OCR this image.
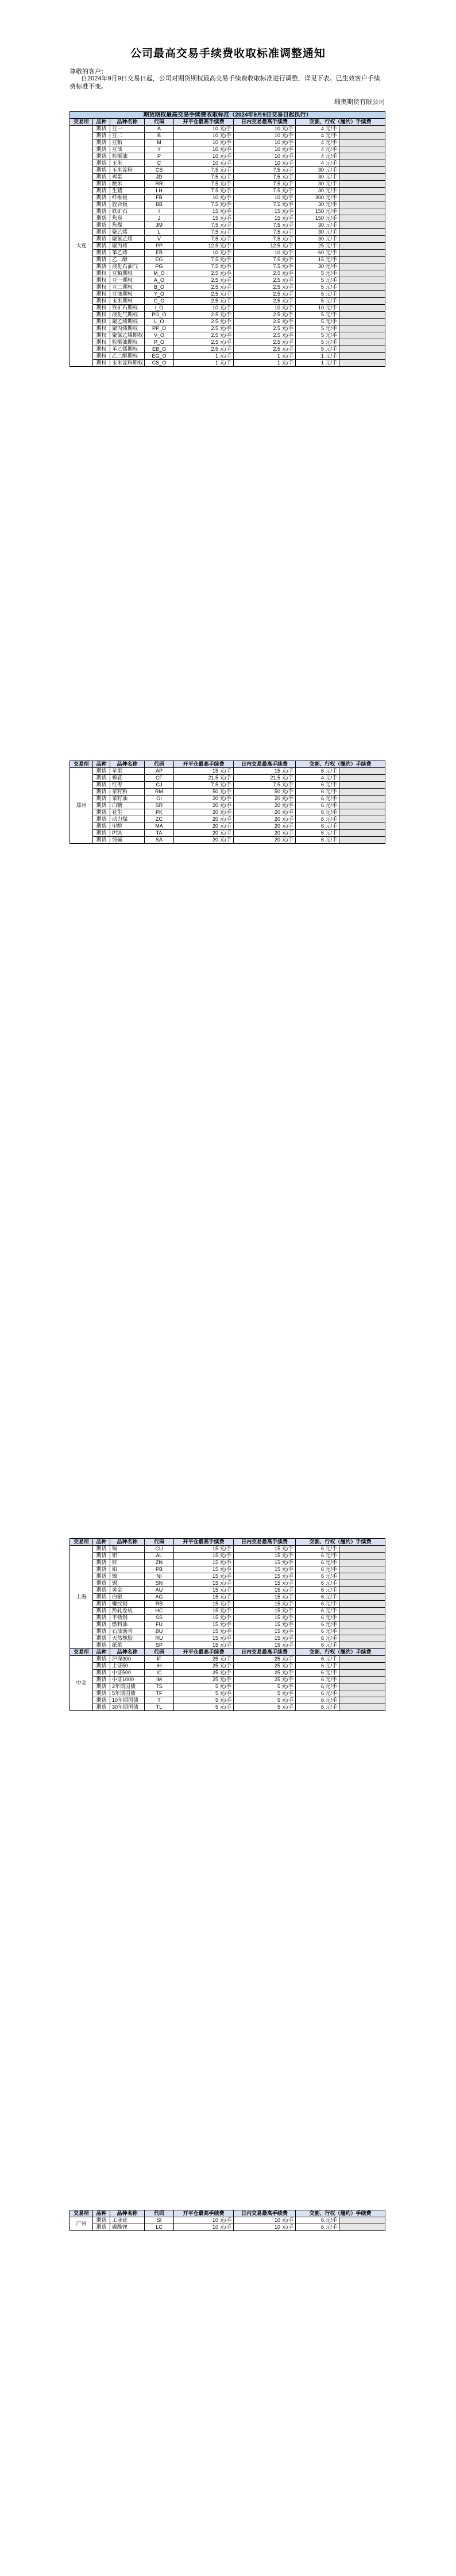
公司最高交易手续费收取标准调整通知
尊敬的客户：
自2024年9月9日交易日起，公司对期货期权最高交易手续费收取标准进行调整，详见下表。已生效客户手续费标准不变。
瑞奥期货有限公司
期货期权最高交易手续费收取标准（2024年9月9日交易日起执行）							
交易所	品种	品种名称	代码	开平仓最高手续费	日内交易最高手续费	交割、行权（履约）手续费	
大连	期货	豆一	A	10 元/手	10 元/手	4 元/手	
	期货	豆二	B	10 元/手	10 元/手	4 元/手	
	期货	豆粕	M	10 元/手	10 元/手	4 元/手	
	期货	豆油	Y	10 元/手	10 元/手	4 元/手	
	期货	棕榈油	P	10 元/手	10 元/手	4 元/手	
	期货	玉米	C	10 元/手	10 元/手	4 元/手	
	期货	玉米淀粉	CS	7.5 元/手	7.5 元/手	30 元/手	
	期货	鸡蛋	JD	7.5 元/手	7.5 元/手	30 元/手	
	期货	粳米	RR	7.5 元/手	7.5 元/手	30 元/手	
	期货	生猪	LH	7.5 元/手	7.5 元/手	30 元/手	
	期货	纤维板	FB	10 元/手	10 元/手	300 元/手	
	期货	胶合板	BB	7.5 元/手	7.5 元/手	30 元/手	
	期货	铁矿石	I	15 元/手	15 元/手	150 元/手	
	期货	焦炭	J	15 元/手	15 元/手	150 元/手	
	期货	焦煤	JM	7.5 元/手	7.5 元/手	30 元/手	
	期货	聚乙烯	L	7.5 元/手	7.5 元/手	30 元/手	
	期货	聚氯乙烯	V	7.5 元/手	7.5 元/手	30 元/手	
	期货	聚丙烯	PP	12.5 元/手	12.5 元/手	25 元/手	
	期货	苯乙烯	EB	10 元/手	10 元/手	60 元/手	
	期货	乙二醇	EG	7.5 元/手	7.5 元/手	15 元/手	
	期货	液化石油气	PG	7.5 元/手	7.5 元/手	30 元/手	
	期权	豆粕期权	M_O	2.5 元/手	2.5 元/手	5 元/手	
	期权	豆一期权	A_O	2.5 元/手	2.5 元/手	5 元/手	
	期权	豆二期权	B_O	2.5 元/手	2.5 元/手	5 元/手	
	期权	豆油期权	Y_O	2.5 元/手	2.5 元/手	5 元/手	
	期权	玉米期权	C_O	2.5 元/手	2.5 元/手	5 元/手	
	期权	铁矿石期权	I_O	10 元/手	10 元/手	10 元/手	
	期权	液化气期权	PG_O	2.5 元/手	2.5 元/手	5 元/手	
	期权	聚乙烯期权	L_O	2.5 元/手	2.5 元/手	5 元/手	
	期权	聚丙烯期权	PP_O	2.5 元/手	2.5 元/手	5 元/手	
	期权	聚氯乙烯期权	V_O	2.5 元/手	2.5 元/手	5 元/手	
	期权	棕榈油期权	P_O	2.5 元/手	2.5 元/手	5 元/手	
	期权	苯乙烯期权	EB_O	2.5 元/手	2.5 元/手	5 元/手	
	期权	乙二醇期权	EG_O	1 元/手	1 元/手	1 元/手	
	期权	玉米淀粉期权	CS_O	1 元/手	1 元/手	1 元/手	
交易所	品种	品种名称	代码	开平仓最高手续费	日内交易最高手续费	交割、行权（履约）手续费	
郑州	期货	苹果	AP	15 元/手	15 元/手	6 元/手	
	期货	棉花	CF	21.5 元/手	21.5 元/手	4 元/手	
	期货	红枣	CJ	7.5 元/手	7.5 元/手	6 元/手	
	期货	菜籽粕	RM	50 元/手	50 元/手	6 元/手	
	期货	菜籽油	OI	20 元/手	20 元/手	6 元/手	
	期货	白糖	SR	20 元/手	20 元/手	6 元/手	
	期货	花生	PK	20 元/手	20 元/手	6 元/手	
	期货	动力煤	ZC	20 元/手	20 元/手	6 元/手	
	期货	甲醇	MA	20 元/手	20 元/手	6 元/手	
	期货	PTA	TA	20 元/手	20 元/手	6 元/手	
	期货	纯碱	SA	20 元/手	20 元/手	6 元/手	
交易所	品种	品种名称	代码	开平仓最高手续费	日内交易最高手续费	交割、行权（履约）手续费	
上海	期货	铜	CU	15 元/手	15 元/手	6 元/手	
	期货	铝	AL	15 元/手	15 元/手	6 元/手	
	期货	锌	ZN	15 元/手	15 元/手	6 元/手	
	期货	铅	PB	15 元/手	15 元/手	6 元/手	
	期货	镍	NI	15 元/手	15 元/手	6 元/手	
	期货	锡	SN	15 元/手	15 元/手	6 元/手	
	期货	黄金	AU	15 元/手	15 元/手	6 元/手	
	期货	白银	AG	15 元/手	15 元/手	6 元/手	
	期货	螺纹钢	RB	15 元/手	15 元/手	6 元/手	
	期货	热轧卷板	HC	15 元/手	15 元/手	6 元/手	
	期货	不锈钢	SS	15 元/手	15 元/手	6 元/手	
	期货	燃料油	FU	15 元/手	15 元/手	6 元/手	
	期货	石油沥青	BU	15 元/手	15 元/手	6 元/手	
	期货	天然橡胶	RU	15 元/手	15 元/手	6 元/手	
	期货	纸浆	SP	15 元/手	15 元/手	6 元/手	
交易所	品种	品种名称	代码	开平仓最高手续费	日内交易最高手续费	交割、行权（履约）手续费	
中金	期货	沪深300	IF	25 元/手	25 元/手	6 元/手	
	期货	上证50	IH	25 元/手	25 元/手	6 元/手	
	期货	中证500	IC	25 元/手	25 元/手	6 元/手	
	期货	中证1000	IM	25 元/手	25 元/手	6 元/手	
	期货	2年期国债	TS	5 元/手	5 元/手	6 元/手	
	期货	5年期国债	TF	5 元/手	5 元/手	6 元/手	
	期货	10年期国债	T	5 元/手	5 元/手	6 元/手	
	期货	30年期国债	TL	5 元/手	5 元/手	6 元/手	
交易所	品种	品种名称	代码	开平仓最高手续费	日内交易最高手续费	交割、行权（履约）手续费	
广州	期货	工业硅	SI	10 元/手	10 元/手	6 元/手	
	期货	碳酸锂	LC	10 元/手	10 元/手	6 元/手	
